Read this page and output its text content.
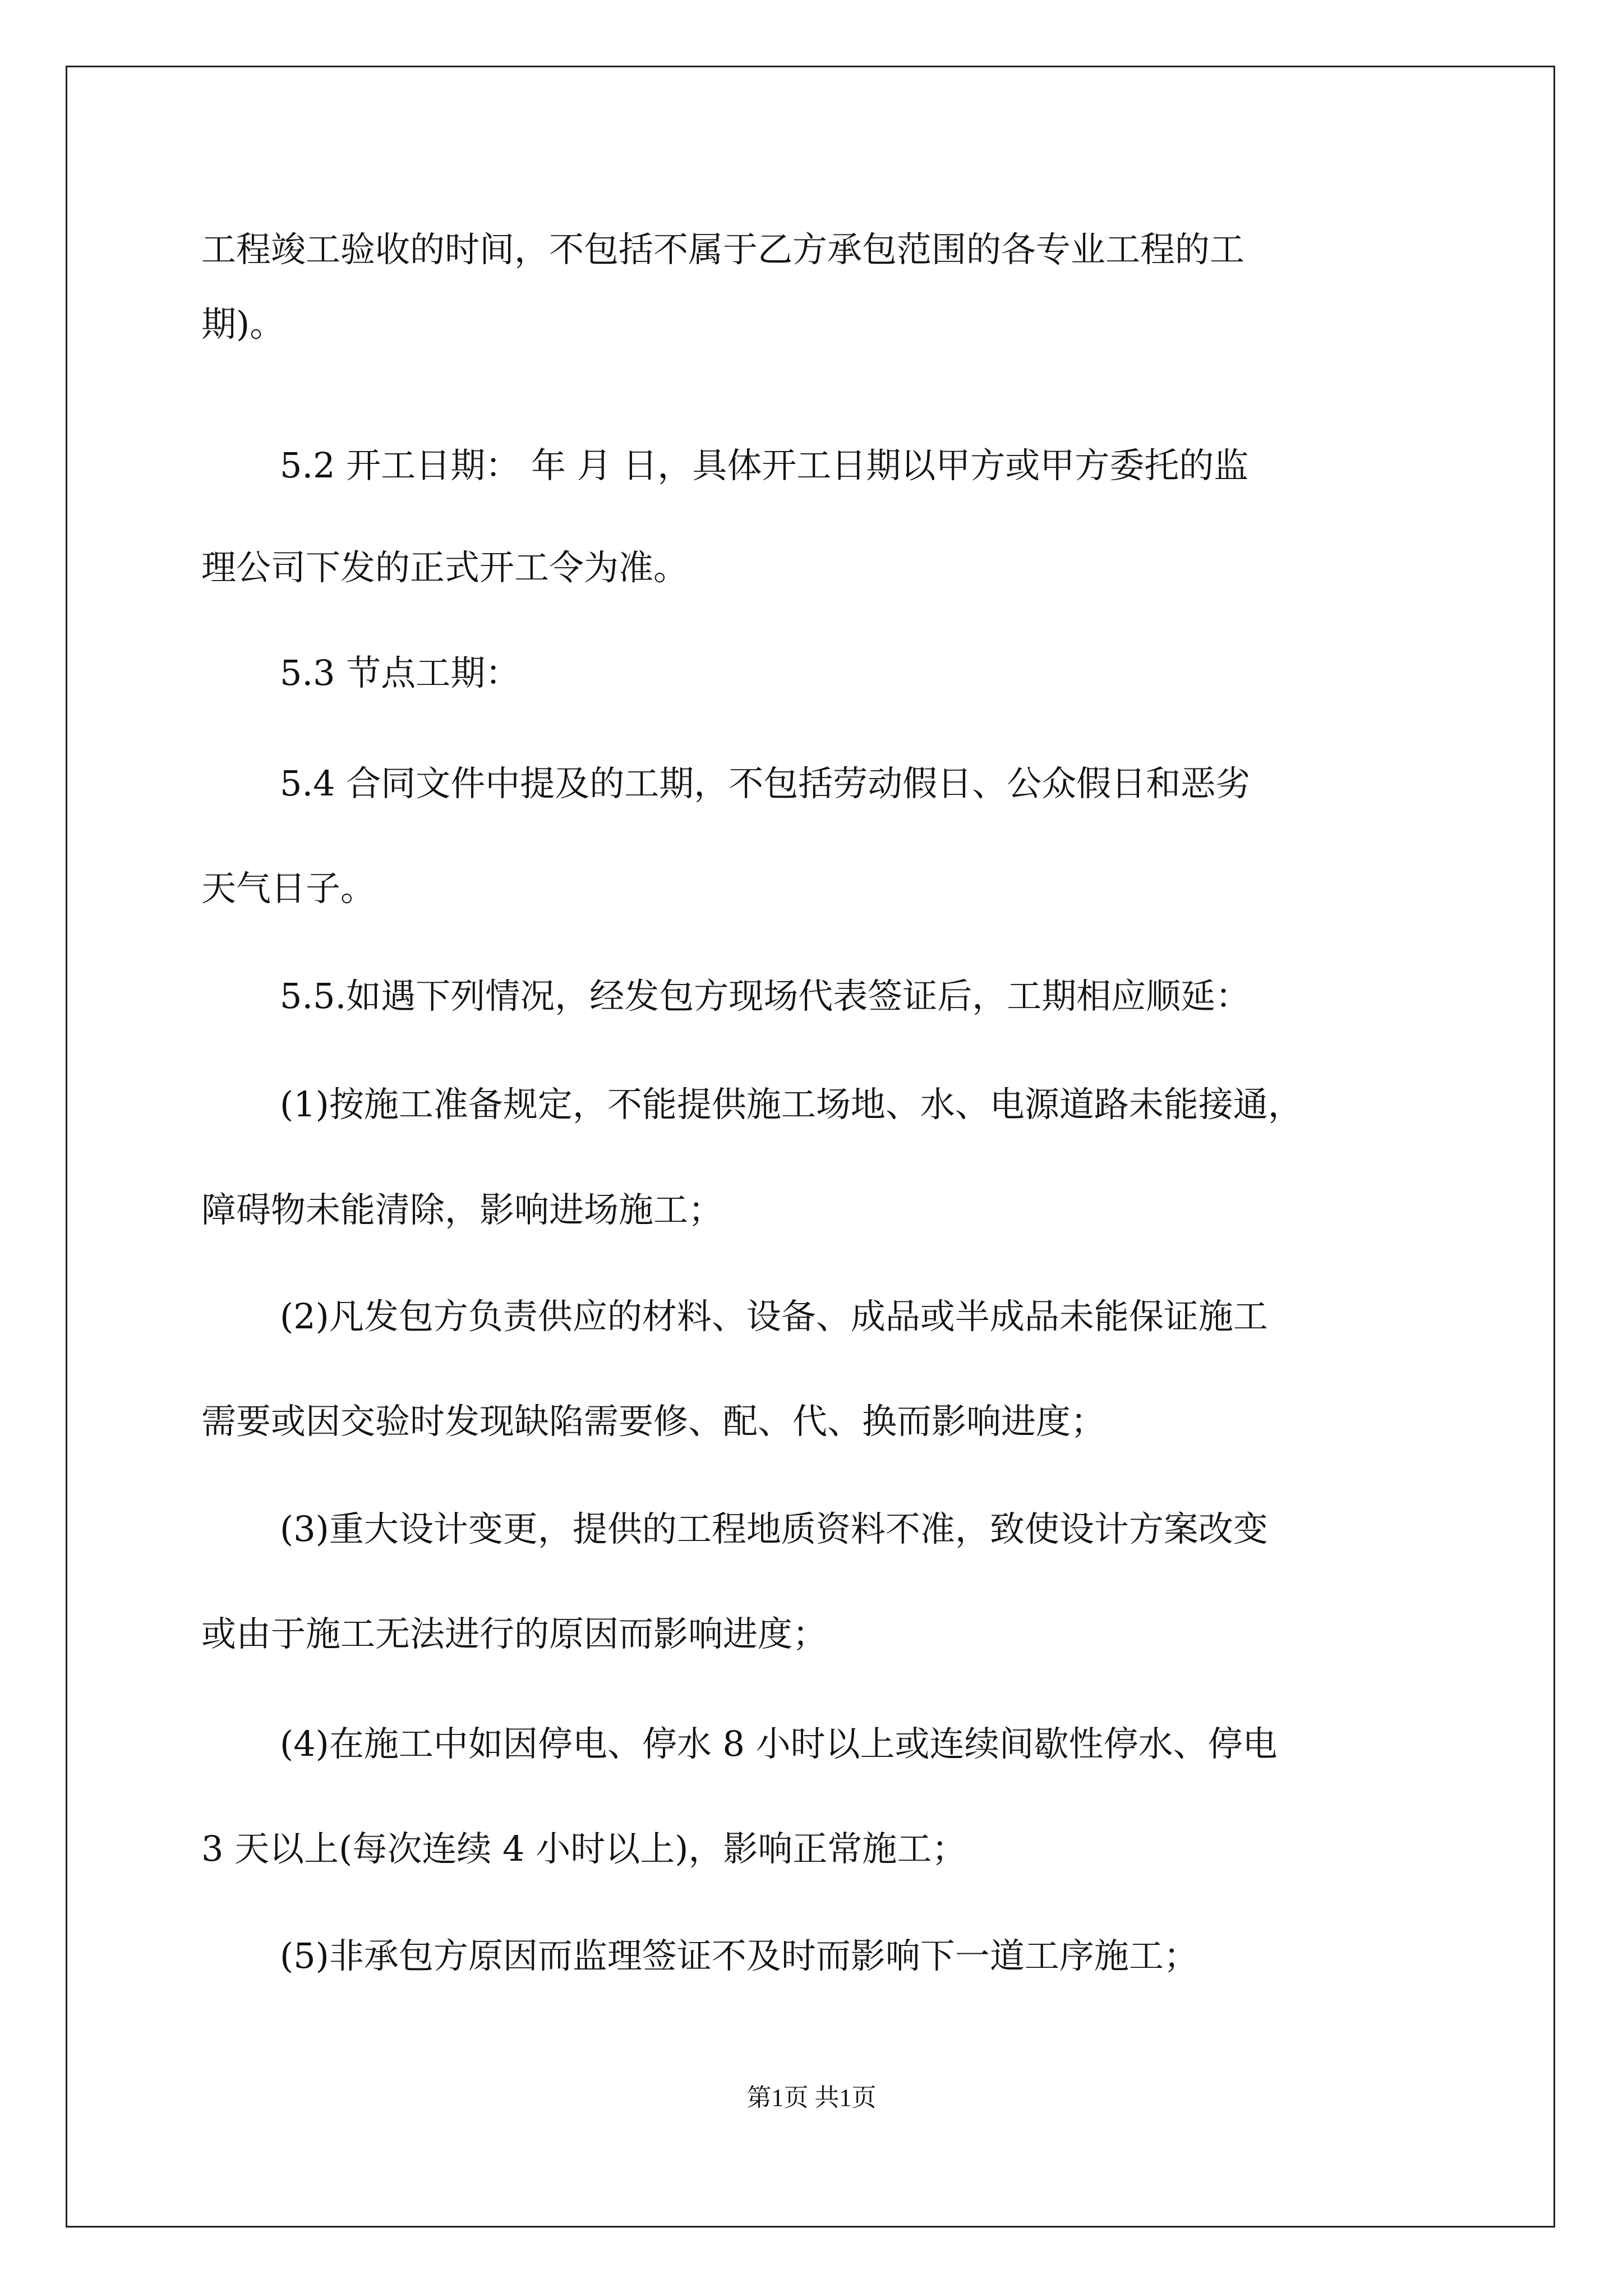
工程竣工验收的时间，不包括不属于乙方承包范围的各专业工程的工
期)。
5.2 开工日期： 年 月 日，具体开工日期以甲方或甲方委托的监
理公司下发的正式开工令为准。
5.3 节点工期：
5.4 合同文件中提及的工期，不包括劳动假日、公众假日和恶劣
天气日子。
5.5.如遇下列情况，经发包方现场代表签证后，工期相应顺延：
(1)按施工准备规定，不能提供施工场地、水、电源道路未能接通，
障碍物未能清除，影响进场施工；
(2)凡发包方负责供应的材料、设备、成品或半成品未能保证施工
需要或因交验时发现缺陷需要修、配、代、换而影响进度；
(3)重大设计变更，提供的工程地质资料不准，致使设计方案改变
或由于施工无法进行的原因而影响进度；
(4)在施工中如因停电、停水 8 小时以上或连续间歇性停水、停电
3 天以上(每次连续 4 小时以上)，影响正常施工；
(5)非承包方原因而监理签证不及时而影响下一道工序施工；
第1页 共1页
